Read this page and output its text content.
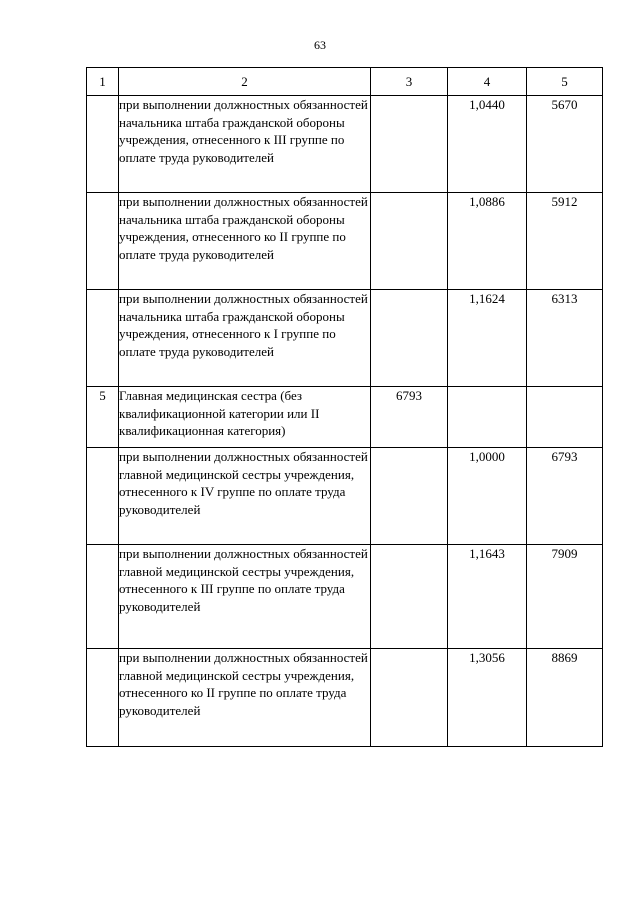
63
1	2	3	4	5
	при выполнении должностных обязанностей начальника штаба гражданской обороны учреждения, отнесенного к III группе по оплате труда руководителей		1,0440	5670
	при выполнении должностных обязанностей начальника штаба гражданской обороны учреждения, отнесенного ко II группе по оплате труда руководителей		1,0886	5912
	при выполнении должностных обязанностей начальника штаба гражданской обороны учреждения, отнесенного к I группе по оплате труда руководителей		1,1624	6313
5	Главная медицинская сестра (без квалификационной категории или II квалификационная категория)	6793		
	при выполнении должностных обязанностей главной медицинской сестры учреждения, отнесенного к IV группе по оплате труда руководителей		1,0000	6793
	при выполнении должностных обязанностей главной медицинской сестры учреждения, отнесенного к III группе по оплате труда руководителей		1,1643	7909
	при выполнении должностных обязанностей главной медицинской сестры учреждения, отнесенного ко II группе по оплате труда руководителей		1,3056	8869
